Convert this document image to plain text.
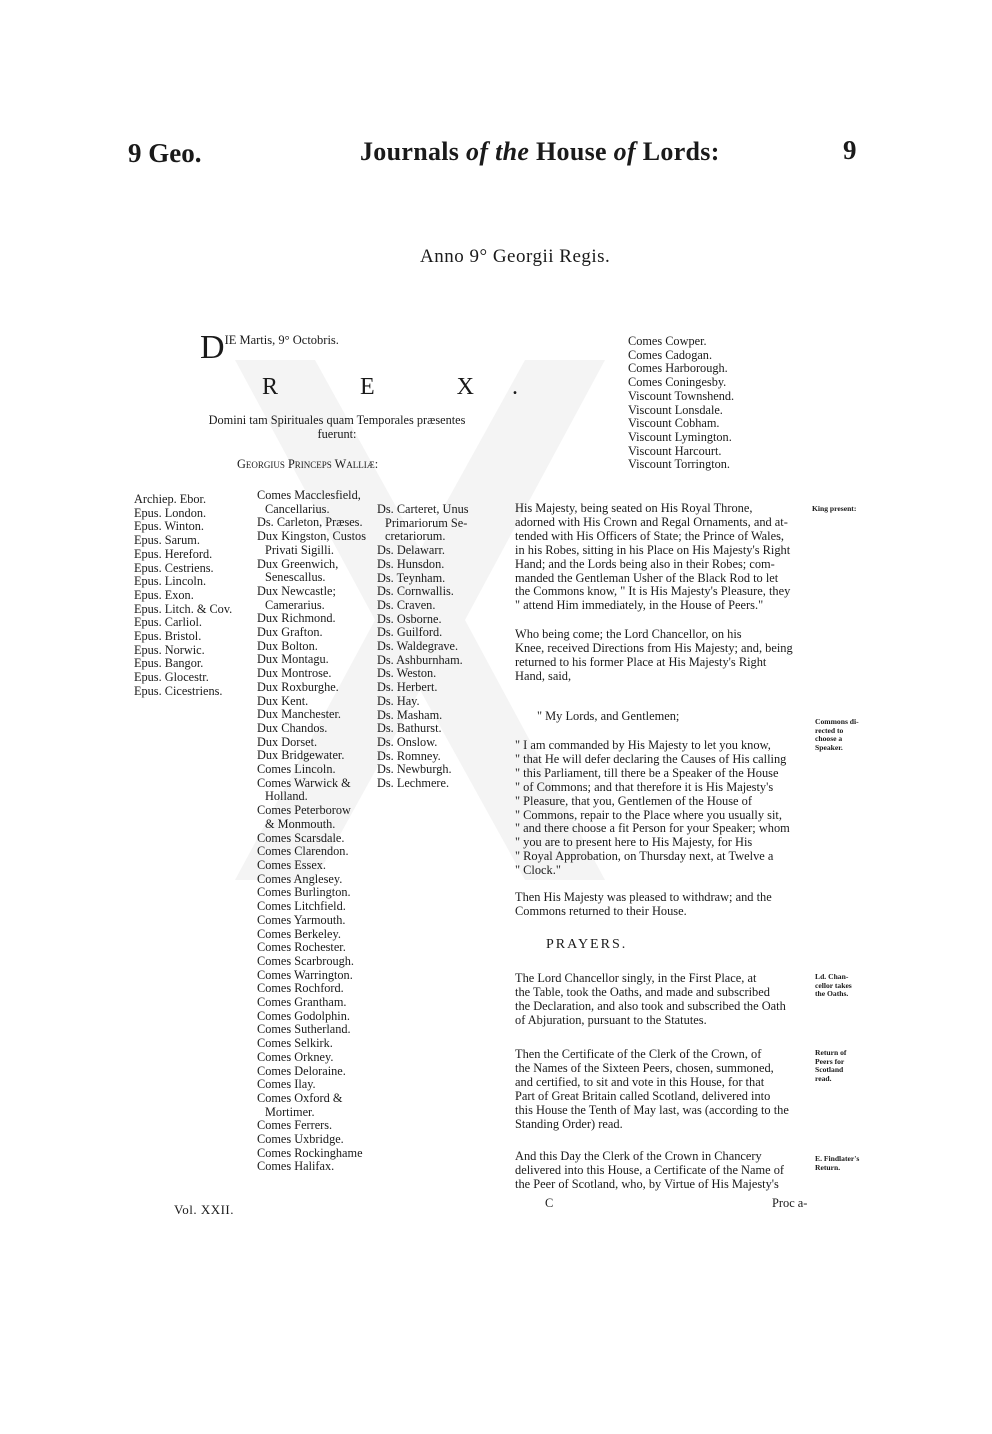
9 Geo.	Journals of the House of Lords:	9
Anno 9° Georgii Regis.
D IE Martis, 9° Octobris.
R E X.
Domini tam Spirituales quam Temporales præsentes
fuerunt:
Georgius Princeps Walliæ:
Archiep. Ebor.
Epus. London.
Epus. Winton.
Epus. Sarum.
Epus. Hereford.
Epus. Cestriens.
Epus. Lincoln.
Epus. Exon.
Epus. Litch. & Cov.
Epus. Carliol.
Epus. Bristol.
Epus. Norwic.
Epus. Bangor.
Epus. Glocestr.
Epus. Cicestriens.
Comes Macclesfield,
Cancellarius.
Ds. Carleton, Præses.
Dux Kingston, Custos
Privati Sigilli.
Dux Greenwich,
Senescallus.
Dux Newcastle;
Camerarius.
Dux Richmond.
Dux Grafton.
Dux Bolton.
Dux Montagu.
Dux Montrose.
Dux Roxburghe.
Dux Kent.
Dux Manchester.
Dux Chandos.
Dux Dorset.
Dux Bridgewater.
Comes Lincoln.
Comes Warwick &
Holland.
Comes Peterborow
& Monmouth.
Comes Scarsdale.
Comes Clarendon.
Comes Essex.
Comes Anglesey.
Comes Burlington.
Comes Litchfield.
Comes Yarmouth.
Comes Berkeley.
Comes Rochester.
Comes Scarbrough.
Comes Warrington.
Comes Rochford.
Comes Grantham.
Comes Godolphin.
Comes Sutherland.
Comes Selkirk.
Comes Orkney.
Comes Deloraine.
Comes Ilay.
Comes Oxford &
Mortimer.
Comes Ferrers.
Comes Uxbridge.
Comes Rockinghame
Comes Halifax.
Ds. Carteret, Unus
Primariorum Se-
cretariorum.
Ds. Delawarr.
Ds. Hunsdon.
Ds. Teynham.
Ds. Cornwallis.
Ds. Craven.
Ds. Osborne.
Ds. Guilford.
Ds. Waldegrave.
Ds. Ashburnham.
Ds. Weston.
Ds. Herbert.
Ds. Hay.
Ds. Masham.
Ds. Bathurst.
Ds. Onslow.
Ds. Romney.
Ds. Newburgh.
Ds. Lechmere.
Comes Cowper.
Comes Cadogan.
Comes Harborough.
Comes Coningesby.
Viscount Townshend.
Viscount Lonsdale.
Viscount Cobham.
Viscount Lymington.
Viscount Harcourt.
Viscount Torrington.
Vol. XXII.
His Majesty, being seated on His Royal Throne,
adorned with His Crown and Regal Ornaments, and at-
tended with His Officers of State; the Prince of Wales,
in his Robes, sitting in his Place on His Majesty's Right
Hand; and the Lords being also in their Robes; com-
manded the Gentleman Usher of the Black Rod to let
the Commons know, " It is His Majesty's Pleasure, they
" attend Him immediately, in the House of Peers."
Who being come; the Lord Chancellor, on his
Knee, received Directions from His Majesty; and, being
returned to his former Place at His Majesty's Right
Hand, said,
" My Lords, and Gentlemen;
" I am commanded by His Majesty to let you know,
" that He will defer declaring the Causes of His calling
" this Parliament, till there be a Speaker of the House
" of Commons; and that therefore it is His Majesty's
" Pleasure, that you, Gentlemen of the House of
" Commons, repair to the Place where you usually sit,
" and there choose a fit Person for your Speaker; whom
" you are to present here to His Majesty, for His
" Royal Approbation, on Thursday next, at Twelve a
" Clock."
Then His Majesty was pleased to withdraw; and the
Commons returned to their House.
PRAYERS.
The Lord Chancellor singly, in the First Place, at
the Table, took the Oaths, and made and subscribed
the Declaration, and also took and subscribed the Oath
of Abjuration, pursuant to the Statutes.
Then the Certificate of the Clerk of the Crown, of
the Names of the Sixteen Peers, chosen, summoned,
and certified, to sit and vote in this House, for that
Part of Great Britain called Scotland, delivered into
this House the Tenth of May last, was (according to the
Standing Order) read.
And this Day the Clerk of the Crown in Chancery
delivered into this House, a Certificate of the Name of
the Peer of Scotland, who, by Virtue of His Majesty's
C	Proc a-
King present:
Commons di-
rected to
choose a
Speaker.
Ld. Chan-
cellor takes
the Oaths.
Return of
Peers for
Scotland
read.
E. Findlater's
Return.
